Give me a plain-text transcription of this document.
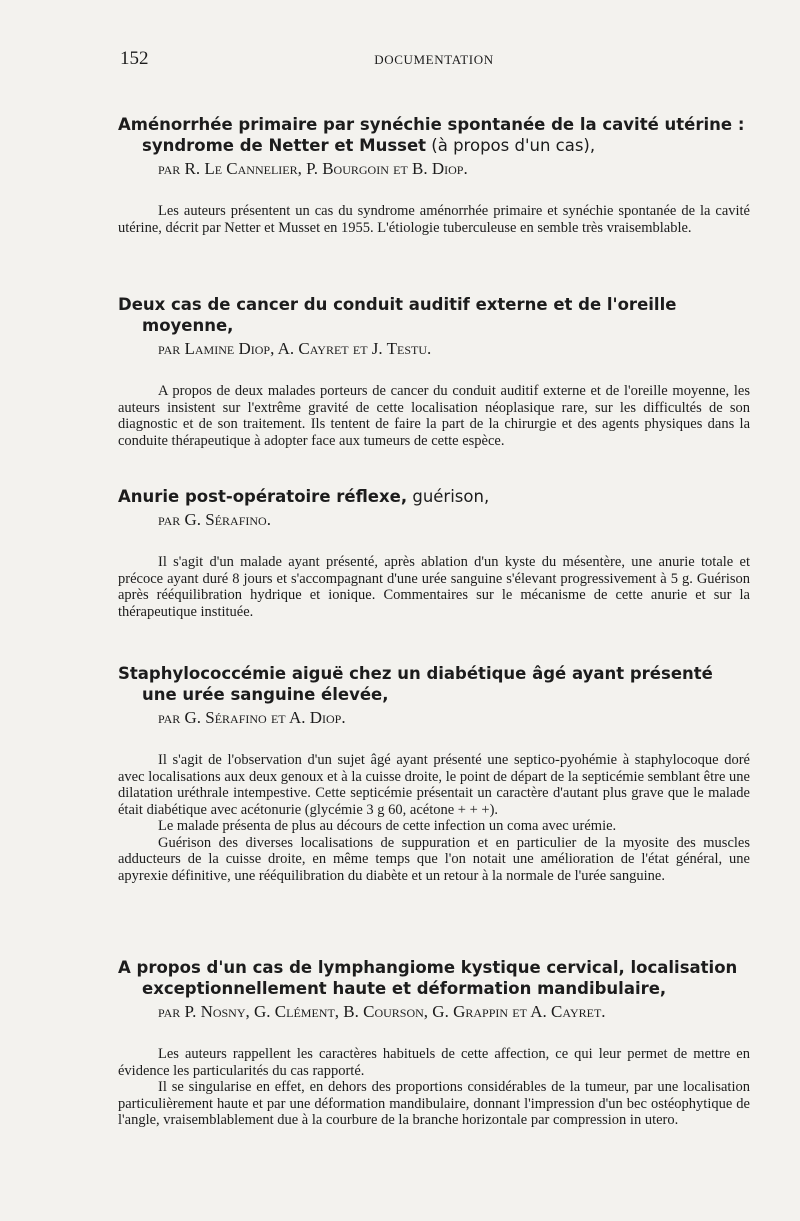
152	DOCUMENTATION

Aménorrhée primaire par synéchie spontanée de la cavité utérine : syndrome de Netter et Musset (à propos d'un cas),

par R. Le Cannelier, P. Bourgoin et B. Diop.

Les auteurs présentent un cas du syndrome aménorrhée primaire et synéchie spontanée de la cavité utérine, décrit par Netter et Musset en 1955. L'étiologie tuberculeuse en semble très vraisemblable.

Deux cas de cancer du conduit auditif externe et de l'oreille moyenne,

par Lamine Diop, A. Cayret et J. Testu.

A propos de deux malades porteurs de cancer du conduit auditif externe et de l'oreille moyenne, les auteurs insistent sur l'extrême gravité de cette localisation néoplasique rare, sur les difficultés de son diagnostic et de son traitement. Ils tentent de faire la part de la chirurgie et des agents physiques dans la conduite thérapeutique à adopter face aux tumeurs de cette espèce.

Anurie post-opératoire réflexe, guérison,

par G. Sérafino.

Il s'agit d'un malade ayant présenté, après ablation d'un kyste du mésentère, une anurie totale et précoce ayant duré 8 jours et s'accompagnant d'une urée sanguine s'élevant progressivement à 5 g. Guérison après rééquilibration hydrique et ionique. Commentaires sur le mécanisme de cette anurie et sur la thérapeutique instituée.

Staphylococcémie aiguë chez un diabétique âgé ayant présenté une urée sanguine élevée,

par G. Sérafino et A. Diop.

Il s'agit de l'observation d'un sujet âgé ayant présenté une septico-pyohémie à staphylocoque doré avec localisations aux deux genoux et à la cuisse droite, le point de départ de la septicémie semblant être une dilatation uréthrale intempestive. Cette septicémie présentait un caractère d'autant plus grave que le malade était diabétique avec acétonurie (glycémie 3 g 60, acétone + + +).

Le malade présenta de plus au décours de cette infection un coma avec urémie.

Guérison des diverses localisations de suppuration et en particulier de la myosite des muscles adducteurs de la cuisse droite, en même temps que l'on notait une amélioration de l'état général, une apyrexie définitive, une rééquilibration du diabète et un retour à la normale de l'urée sanguine.

A propos d'un cas de lymphangiome kystique cervical, localisation exceptionnellement haute et déformation mandibulaire,

par P. Nosny, G. Clément, B. Courson, G. Grappin et A. Cayret.

Les auteurs rappellent les caractères habituels de cette affection, ce qui leur permet de mettre en évidence les particularités du cas rapporté.

Il se singularise en effet, en dehors des proportions considérables de la tumeur, par une localisation particulièrement haute et par une déformation mandibulaire, donnant l'impression d'un bec ostéophytique de l'angle, vraisemblablement due à la courbure de la branche horizontale par compression in utero.
